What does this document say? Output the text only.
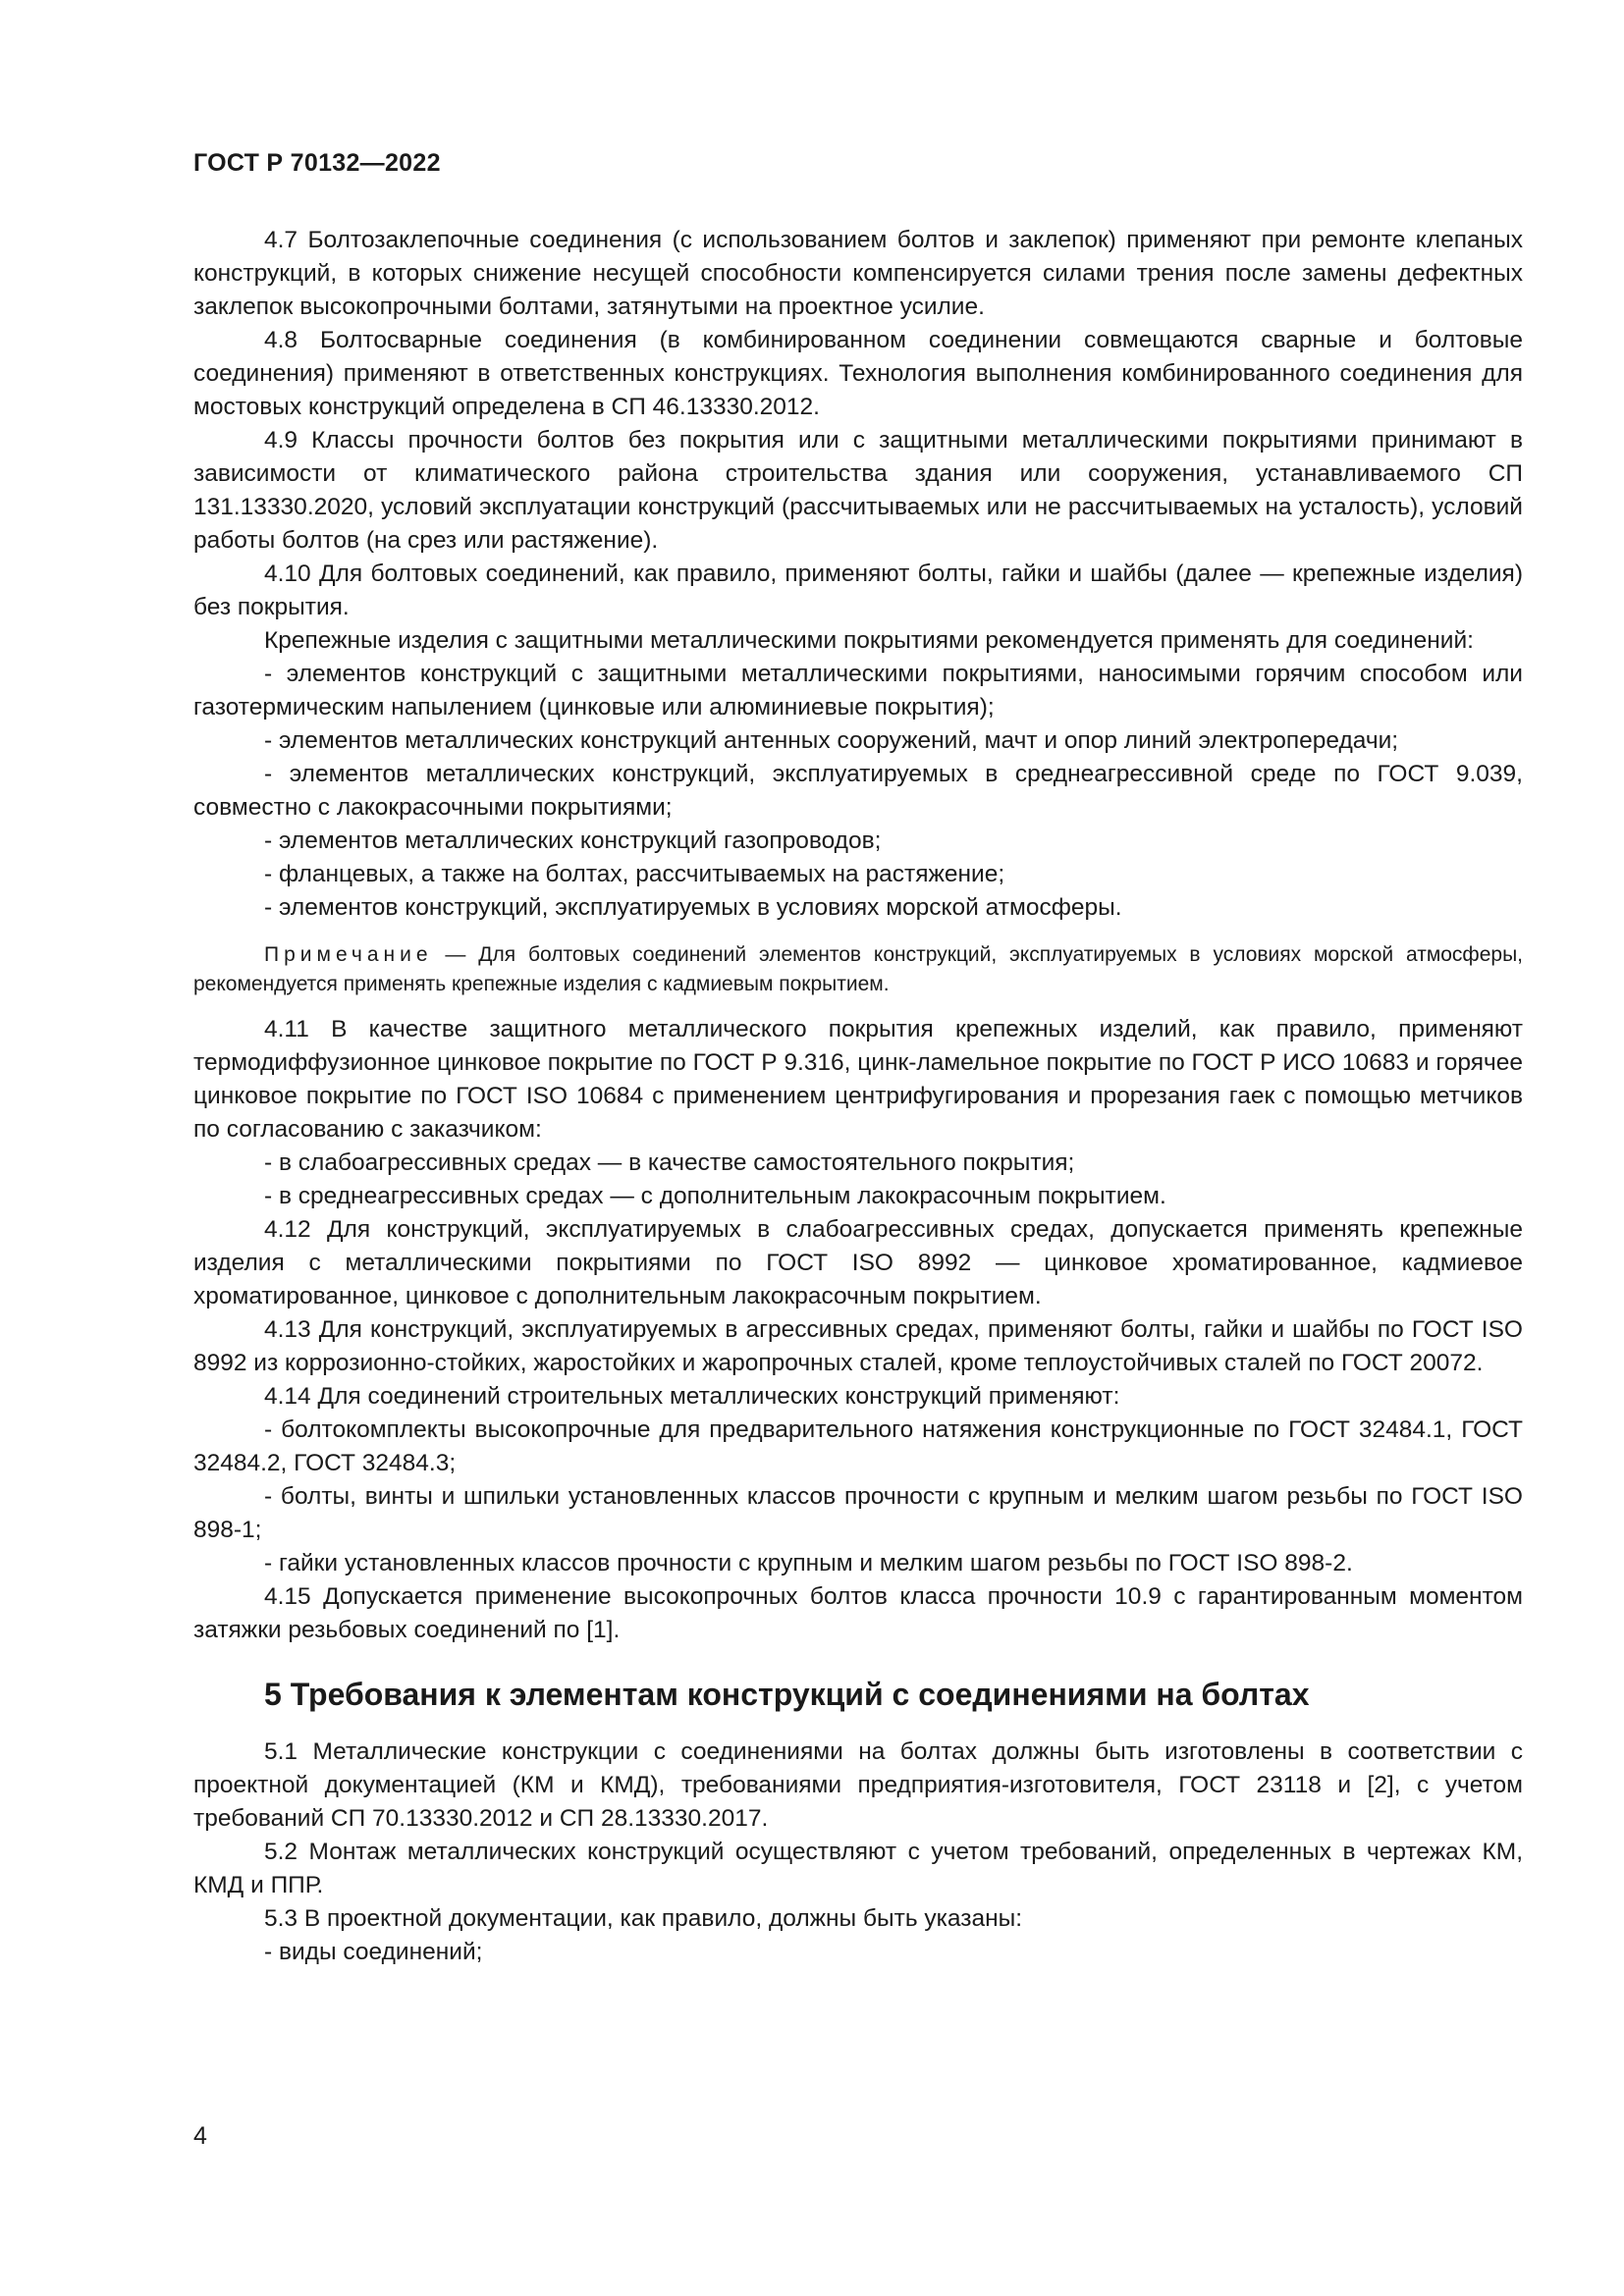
ГОСТ Р 70132—2022

4.7 Болтозаклепочные соединения (с использованием болтов и заклепок) применяют при ремонте клепаных конструкций, в которых снижение несущей способности компенсируется силами трения после замены дефектных заклепок высокопрочными болтами, затянутыми на проектное усилие.

4.8 Болтосварные соединения (в комбинированном соединении совмещаются сварные и болтовые соединения) применяют в ответственных конструкциях. Технология выполнения комбинированного соединения для мостовых конструкций определена в СП 46.13330.2012.

4.9 Классы прочности болтов без покрытия или с защитными металлическими покрытиями принимают в зависимости от климатического района строительства здания или сооружения, устанавливаемого СП 131.13330.2020, условий эксплуатации конструкций (рассчитываемых или не рассчитываемых на усталость), условий работы болтов (на срез или растяжение).

4.10 Для болтовых соединений, как правило, применяют болты, гайки и шайбы (далее — крепежные изделия) без покрытия.

Крепежные изделия с защитными металлическими покрытиями рекомендуется применять для соединений:

- элементов конструкций с защитными металлическими покрытиями, наносимыми горячим способом или газотермическим напылением (цинковые или алюминиевые покрытия);

- элементов металлических конструкций антенных сооружений, мачт и опор линий электропередачи;

- элементов металлических конструкций, эксплуатируемых в среднеагрессивной среде по ГОСТ 9.039, совместно с лакокрасочными покрытиями;

- элементов металлических конструкций газопроводов;

- фланцевых, а также на болтах, рассчитываемых на растяжение;

- элементов конструкций, эксплуатируемых в условиях морской атмосферы.

Примечание — Для болтовых соединений элементов конструкций, эксплуатируемых в условиях морской атмосферы, рекомендуется применять крепежные изделия с кадмиевым покрытием.

4.11 В качестве защитного металлического покрытия крепежных изделий, как правило, применяют термодиффузионное цинковое покрытие по ГОСТ Р 9.316, цинк-ламельное покрытие по ГОСТ Р ИСО 10683 и горячее цинковое покрытие по ГОСТ ISO 10684 с применением центрифугирования и прорезания гаек с помощью метчиков по согласованию с заказчиком:

- в слабоагрессивных средах — в качестве самостоятельного покрытия;

- в среднеагрессивных средах — с дополнительным лакокрасочным покрытием.

4.12 Для конструкций, эксплуатируемых в слабоагрессивных средах, допускается применять крепежные изделия с металлическими покрытиями по ГОСТ ISO 8992 — цинковое хроматированное, кадмиевое хроматированное, цинковое с дополнительным лакокрасочным покрытием.

4.13 Для конструкций, эксплуатируемых в агрессивных средах, применяют болты, гайки и шайбы по ГОСТ ISO 8992 из коррозионно-стойких, жаростойких и жаропрочных сталей, кроме теплоустойчивых сталей по ГОСТ 20072.

4.14 Для соединений строительных металлических конструкций применяют:

- болтокомплекты высокопрочные для предварительного натяжения конструкционные по ГОСТ 32484.1, ГОСТ 32484.2, ГОСТ 32484.3;

- болты, винты и шпильки установленных классов прочности с крупным и мелким шагом резьбы по ГОСТ ISO 898-1;

- гайки установленных классов прочности с крупным и мелким шагом резьбы по ГОСТ ISO 898-2.

4.15 Допускается применение высокопрочных болтов класса прочности 10.9 с гарантированным моментом затяжки резьбовых соединений по [1].

5 Требования к элементам конструкций с соединениями на болтах

5.1 Металлические конструкции с соединениями на болтах должны быть изготовлены в соответствии с проектной документацией (КМ и КМД), требованиями предприятия-изготовителя, ГОСТ 23118 и [2], с учетом требований СП 70.13330.2012 и СП 28.13330.2017.

5.2 Монтаж металлических конструкций осуществляют с учетом требований, определенных в чертежах КМ, КМД и ППР.

5.3 В проектной документации, как правило, должны быть указаны:

- виды соединений;

4
